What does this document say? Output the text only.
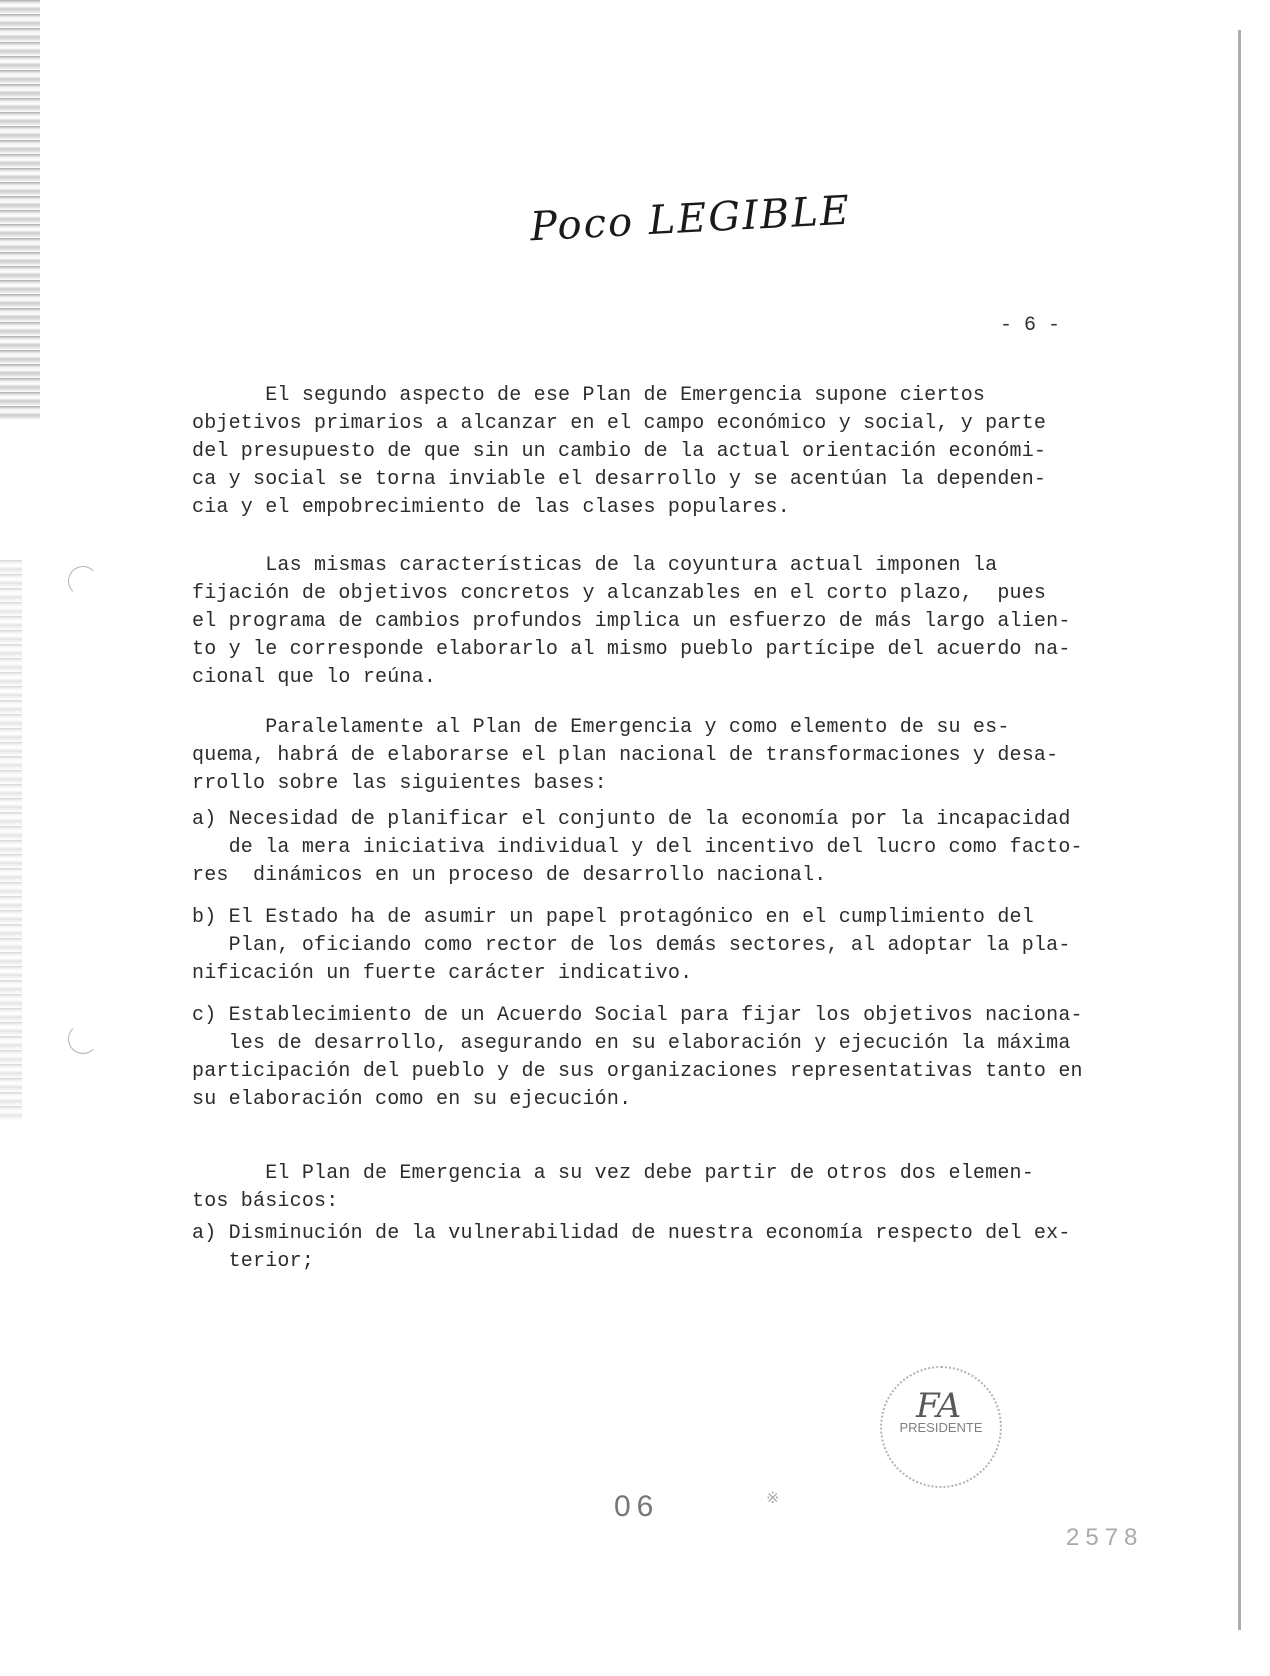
Poco LEGIBLE
- 6 -

El segundo aspecto de ese Plan de Emergencia supone ciertos

objetivos primarios a alcanzar en el campo económico y social, y parte

del presupuesto de que sin un cambio de la actual orientación económi-

ca y social se torna inviable el desarrollo y se acentúan la dependen-

cia y el empobrecimiento de las clases populares.

Las mismas características de la coyuntura actual imponen la

fijación de objetivos concretos y alcanzables en el corto plazo,  pues

el programa de cambios profundos implica un esfuerzo de más largo alien-

to y le corresponde elaborarlo al mismo pueblo partícipe del acuerdo na-

cional que lo reúna.

Paralelamente al Plan de Emergencia y como elemento de su es-

quema, habrá de elaborarse el plan nacional de transformaciones y desa-

rrollo sobre las siguientes bases:

a) Necesidad de planificar el conjunto de la economía por la incapacidad

de la mera iniciativa individual y del incentivo del lucro como facto-

res  dinámicos en un proceso de desarrollo nacional.

b) El Estado ha de asumir un papel protagónico en el cumplimiento del

Plan, oficiando como rector de los demás sectores, al adoptar la pla-

nificación un fuerte carácter indicativo.

c) Establecimiento de un Acuerdo Social para fijar los objetivos naciona-

les de desarrollo, asegurando en su elaboración y ejecución la máxima

participación del pueblo y de sus organizaciones representativas tanto en

su elaboración como en su ejecución.

El Plan de Emergencia a su vez debe partir de otros dos elemen-

tos básicos:

a) Disminución de la vulnerabilidad de nuestra economía respecto del ex-

terior;

FA
PRESIDENTE
06	※
2578
